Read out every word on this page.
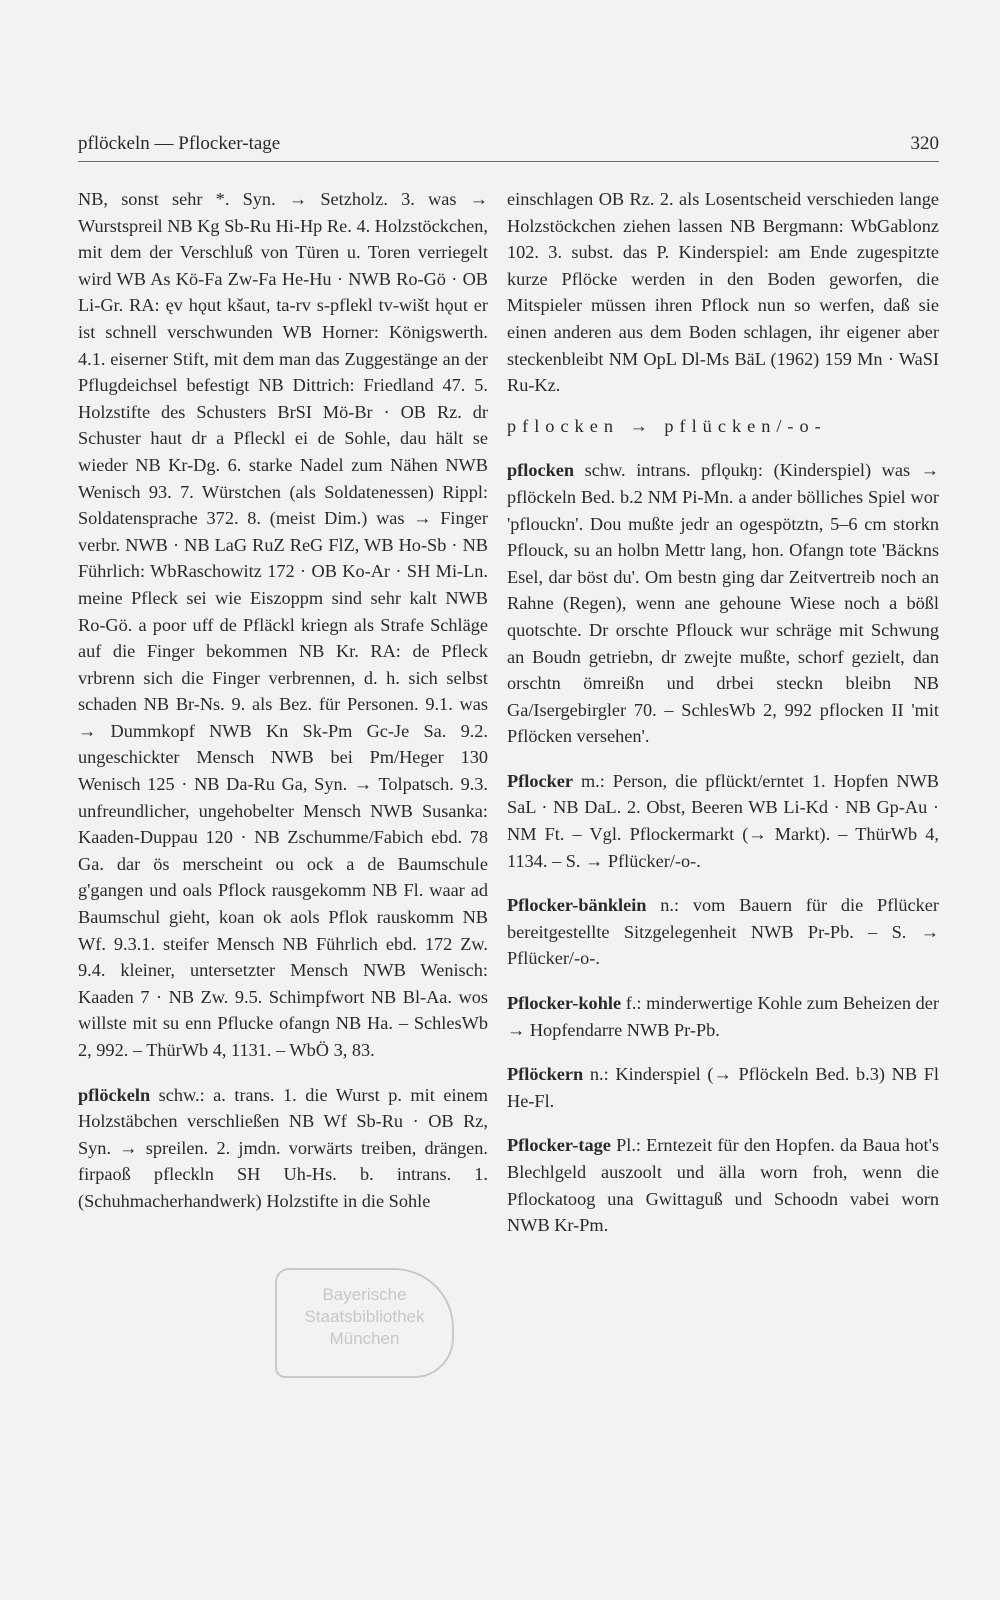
pflöckeln — Pflocker-tage	320

NB, sonst sehr *. Syn. → Setzholz. 3. was → Wurstspreil NB Kg Sb-Ru Hi-Hp Re. 4. Holzstöckchen, mit dem der Verschluß von Türen u. Toren verriegelt wird WB As Kö-Fa Zw-Fa He-Hu · NWB Ro-Gö · OB Li-Gr. RA: ęv hǫut kšaut, ta-rv s-pflekl tv-wišt hǫut er ist schnell verschwunden WB Horner: Königswerth. 4.1. eiserner Stift, mit dem man das Zuggestänge an der Pflugdeichsel befestigt NB Dittrich: Friedland 47. 5. Holzstifte des Schusters BrSI Mö-Br · OB Rz. dr Schuster haut dr a Pfleckl ei de Sohle, dau hält se wieder NB Kr-Dg. 6. starke Nadel zum Nähen NWB Wenisch 93. 7. Würstchen (als Soldatenessen) Rippl: Soldatensprache 372. 8. (meist Dim.) was → Finger verbr. NWB · NB LaG RuZ ReG FlZ, WB Ho-Sb · NB Führlich: WbRaschowitz 172 · OB Ko-Ar · SH Mi-Ln. meine Pfleck sei wie Eiszoppm sind sehr kalt NWB Ro-Gö. a poor uff de Pfläckl kriegn als Strafe Schläge auf die Finger bekommen NB Kr. RA: de Pfleck vrbrenn sich die Finger verbrennen, d. h. sich selbst schaden NB Br-Ns. 9. als Bez. für Personen. 9.1. was → Dummkopf NWB Kn Sk-Pm Gc-Je Sa. 9.2. ungeschickter Mensch NWB bei Pm/Heger 130 Wenisch 125 · NB Da-Ru Ga, Syn. → Tolpatsch. 9.3. unfreundlicher, ungehobelter Mensch NWB Susanka: Kaaden-Duppau 120 · NB Zschumme/Fabich ebd. 78 Ga. dar ös merscheint ou ock a de Baumschule g'gangen und oals Pflock rausgekomm NB Fl. waar ad Baumschul gieht, koan ok aols Pflok rauskomm NB Wf. 9.3.1. steifer Mensch NB Führlich ebd. 172 Zw. 9.4. kleiner, untersetzter Mensch NWB Wenisch: Kaaden 7 · NB Zw. 9.5. Schimpfwort NB Bl-Aa. wos willste mit su enn Pflucke ofangn NB Ha. – SchlesWb 2, 992. – ThürWb 4, 1131. – WbÖ 3, 83.

pflöckeln schw.: a. trans. 1. die Wurst p. mit einem Holzstäbchen verschließen NB Wf Sb-Ru · OB Rz, Syn. → spreilen. 2. jmdn. vorwärts treiben, drängen. firpaoß pfleckln SH Uh-Hs. b. intrans. 1. (Schuhmacherhandwerk) Holzstifte in die Sohle

einschlagen OB Rz. 2. als Losentscheid verschieden lange Holzstöckchen ziehen lassen NB Bergmann: WbGablonz 102. 3. subst. das P. Kinderspiel: am Ende zugespitzte kurze Pflöcke werden in den Boden geworfen, die Mitspieler müssen ihren Pflock nun so werfen, daß sie einen anderen aus dem Boden schlagen, ihr eigener aber steckenbleibt NM OpL Dl-Ms BäL (1962) 159 Mn · WaSI Ru-Kz.

pflocken → pflücken/-o-

pflocken schw. intrans. pflǫukŋ: (Kinderspiel) was → pflöckeln Bed. b.2 NM Pi-Mn. a ander bölliches Spiel wor 'pflouckn'. Dou mußte jedr an ogespötztn, 5–6 cm storkn Pflouck, su an holbn Mettr lang, hon. Ofangn tote 'Bäckns Esel, dar böst du'. Om bestn ging dar Zeitvertreib noch an Rahne (Regen), wenn ane gehoune Wiese noch a bößl quotschte. Dr orschte Pflouck wur schräge mit Schwung an Boudn getriebn, dr zwejte mußte, schorf gezielt, dan orschtn ömreißn und drbei steckn bleibn NB Ga/Isergebirgler 70. – SchlesWb 2, 992 pflocken II 'mit Pflöcken versehen'.

Pflocker m.: Person, die pflückt/erntet 1. Hopfen NWB SaL · NB DaL. 2. Obst, Beeren WB Li-Kd · NB Gp-Au · NM Ft. – Vgl. Pflockermarkt (→ Markt). – ThürWb 4, 1134. – S. → Pflücker/-o-.

Pflocker-bänklein n.: vom Bauern für die Pflücker bereitgestellte Sitzgelegenheit NWB Pr-Pb. – S. → Pflücker/-o-.

Pflocker-kohle f.: minderwertige Kohle zum Beheizen der → Hopfendarre NWB Pr-Pb.

Pflöckern n.: Kinderspiel (→ Pflöckeln Bed. b.3) NB Fl He-Fl.

Pflocker-tage Pl.: Erntezeit für den Hopfen. da Baua hot's Blechlgeld auszoolt und älla worn froh, wenn die Pflockatoog una Gwittaguß und Schoodn vabei worn NWB Kr-Pm.

Bayerische Staatsbibliothek München
